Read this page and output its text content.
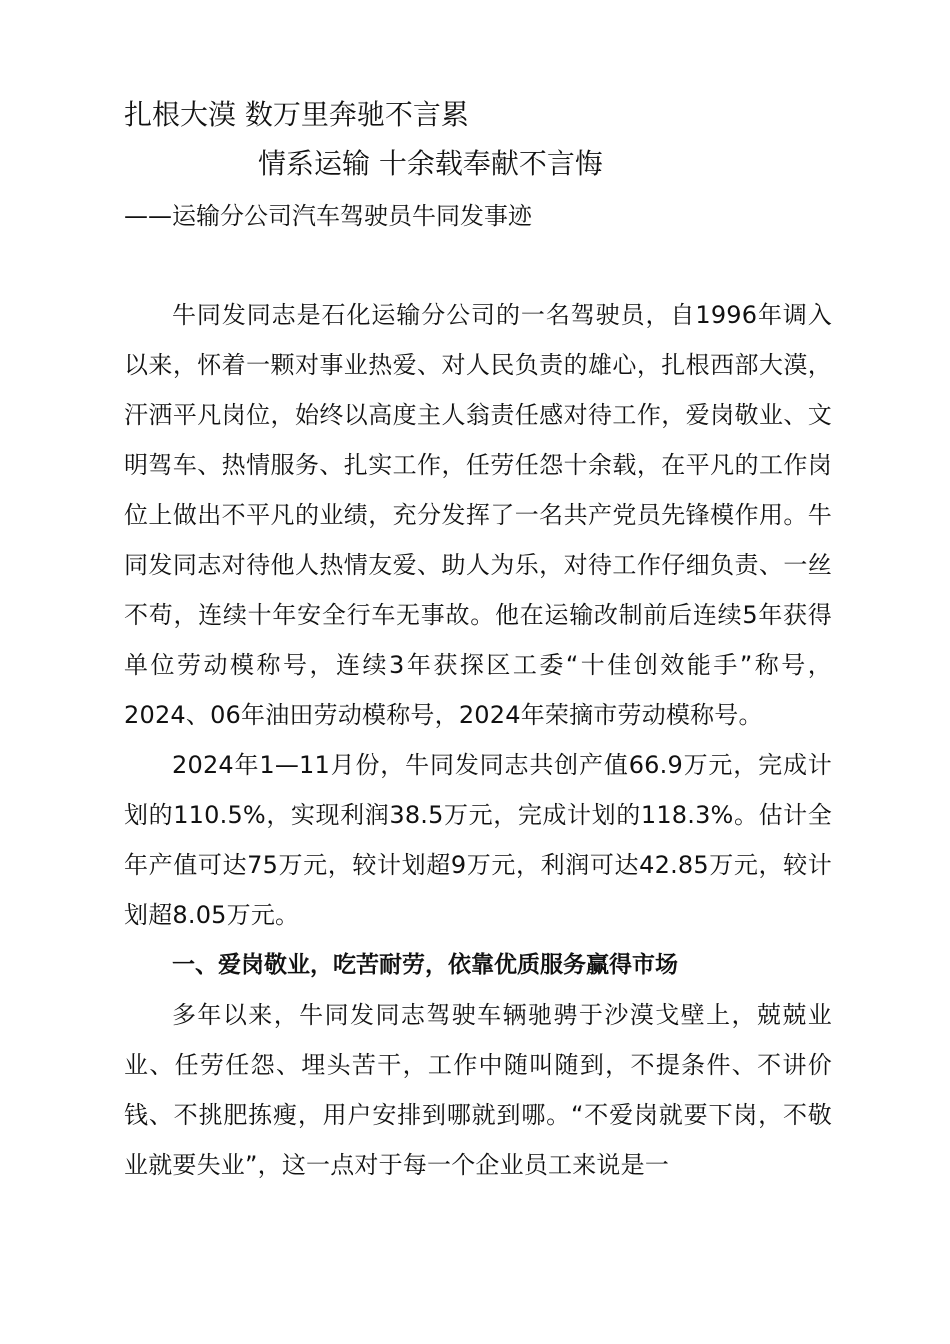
扎根大漠 数万里奔驰不言累
情系运输 十余载奉献不言悔

——运输分公司汽车驾驶员牛同发事迹

牛同发同志是石化运输分公司的一名驾驶员，自1996年调入以来，怀着一颗对事业热爱、对人民负责的雄心，扎根西部大漠，汗洒平凡岗位，始终以高度主人翁责任感对待工作，爱岗敬业、文明驾车、热情服务、扎实工作，任劳任怨十余载，在平凡的工作岗位上做出不平凡的业绩，充分发挥了一名共产党员先锋模作用。牛同发同志对待他人热情友爱、助人为乐，对待工作仔细负责、一丝不苟，连续十年安全行车无事故。他在运输改制前后连续5年获得单位劳动模称号，连续3年获探区工委“十佳创效能手”称号，2024、06年油田劳动模称号，2024年荣摘市劳动模称号。

2024年1—11月份，牛同发同志共创产值66.9万元，完成计划的110.5%，实现利润38.5万元，完成计划的118.3%。估计全年产值可达75万元，较计划超9万元，利润可达42.85万元，较计划超8.05万元。

一、爱岗敬业，吃苦耐劳，依靠优质服务赢得市场

多年以来，牛同发同志驾驶车辆驰骋于沙漠戈壁上，兢兢业业、任劳任怨、埋头苦干，工作中随叫随到，不提条件、不讲价钱、不挑肥拣瘦，用户安排到哪就到哪。“不爱岗就要下岗，不敬业就要失业”，这一点对于每一个企业员工来说是一
